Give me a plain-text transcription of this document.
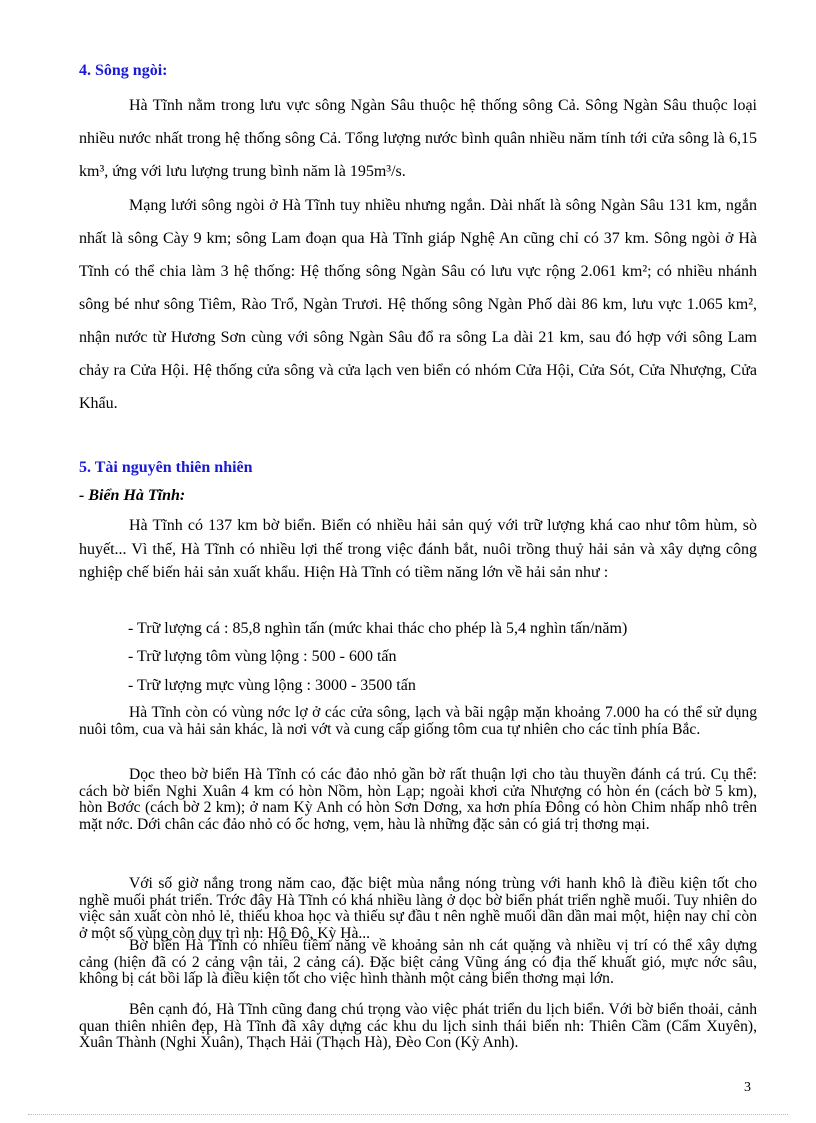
4. Sông ngòi:

Hà Tĩnh nằm trong lưu vực sông Ngàn Sâu thuộc hệ thống sông Cả. Sông Ngàn Sâu thuộc loại nhiều nước nhất trong hệ thống sông Cả. Tổng lượng nước bình quân nhiều năm tính tới cửa sông là 6,15 km³, ứng với lưu lượng trung bình năm là 195m³/s.

Mạng lưới sông ngòi ở Hà Tĩnh tuy nhiều nhưng ngắn. Dài nhất là sông Ngàn Sâu 131 km, ngắn nhất là sông Cày 9 km; sông Lam đoạn qua Hà Tĩnh giáp Nghệ An cũng chỉ có 37 km. Sông ngòi ở Hà Tĩnh có thể chia làm 3 hệ thống: Hệ thống sông Ngàn Sâu có lưu vực rộng 2.061 km²; có nhiều nhánh sông bé như sông Tiêm, Rào Trổ, Ngàn Trươi. Hệ thống sông Ngàn Phố dài 86 km, lưu vực 1.065 km², nhận nước từ Hương Sơn cùng với sông Ngàn Sâu đổ ra sông La dài 21 km, sau đó hợp với sông Lam chảy ra Cửa Hội. Hệ thống cửa sông và cửa lạch ven biển có nhóm Cửa Hội, Cửa Sót, Cửa Nhượng, Cửa Khẩu.

5. Tài nguyên thiên nhiên
- Biển Hà Tĩnh:

Hà Tĩnh có 137 km bờ biển. Biển có nhiều hải sản quý với trữ lượng khá cao như tôm hùm, sò huyết... Vì thế, Hà Tĩnh có nhiều lợi thế trong việc đánh bắt, nuôi trồng thuỷ hải sản và xây dựng công nghiệp chế biến hải sản xuất khẩu. Hiện Hà Tĩnh có tiềm năng lớn về hải sản như :

- Trữ lượng cá : 85,8 nghìn tấn (mức khai thác cho phép là 5,4 nghìn tấn/năm)

- Trữ lượng tôm vùng lộng : 500 - 600 tấn

- Trữ lượng mực vùng lộng : 3000 - 3500 tấn

Hà Tĩnh còn có vùng nớc lợ ở các cửa sông, lạch và bãi ngập mặn khoảng 7.000 ha có thể sử dụng nuôi tôm, cua và hải sản khác, là nơi vớt và cung cấp giống tôm cua tự nhiên cho các tỉnh phía Bắc.

Dọc theo bờ biển Hà Tĩnh có các đảo nhỏ gần bờ rất thuận lợi cho tàu thuyền đánh cá trú. Cụ thể: cách bờ biển Nghi Xuân 4 km có hòn Nồm, hòn Lạp; ngoài khơi cửa Nhượng có hòn én (cách bờ 5 km), hòn Bơớc (cách bờ 2 km); ở nam Kỳ Anh có hòn Sơn Dơng, xa hơn phía Đông có hòn Chim nhấp nhô trên mặt nớc. Dới chân các đảo nhỏ có ốc hơng, vẹm, hàu là những đặc sản có giá trị thơng mại.

Với số giờ nắng trong năm cao, đặc biệt mùa nắng nóng trùng với hanh khô là điều kiện tốt cho nghề muối phát triển. Trớc đây Hà Tĩnh có khá nhiều làng ở dọc bờ biển phát triển nghề muối. Tuy nhiên do việc sản xuất còn nhỏ lẻ, thiếu khoa học và thiếu sự đầu t nên nghề muối dần dần mai một, hiện nay chỉ còn ở một số vùng còn duy trì nh: Hộ Độ, Kỳ Hà...

Bờ biển Hà Tĩnh có nhiều tiềm năng về khoảng sản nh cát quặng và nhiều vị trí có thể xây dựng cảng (hiện đã có 2 cảng vận tải, 2 cảng cá). Đặc biệt cảng Vũng áng có địa thế khuất gió, mực nớc sâu, không bị cát bồi lấp là điều kiện tốt cho việc hình thành một cảng biển thơng mại lớn.

Bên cạnh đó, Hà Tĩnh cũng đang chú trọng vào việc phát triển du lịch biển. Với bờ biển thoải, cảnh quan thiên nhiên đẹp, Hà Tĩnh đã xây dựng các khu du lịch sinh thái biển nh: Thiên Cầm (Cẩm Xuyên), Xuân Thành (Nghi Xuân), Thạch Hải (Thạch Hà), Đèo Con (Kỳ Anh).

3
